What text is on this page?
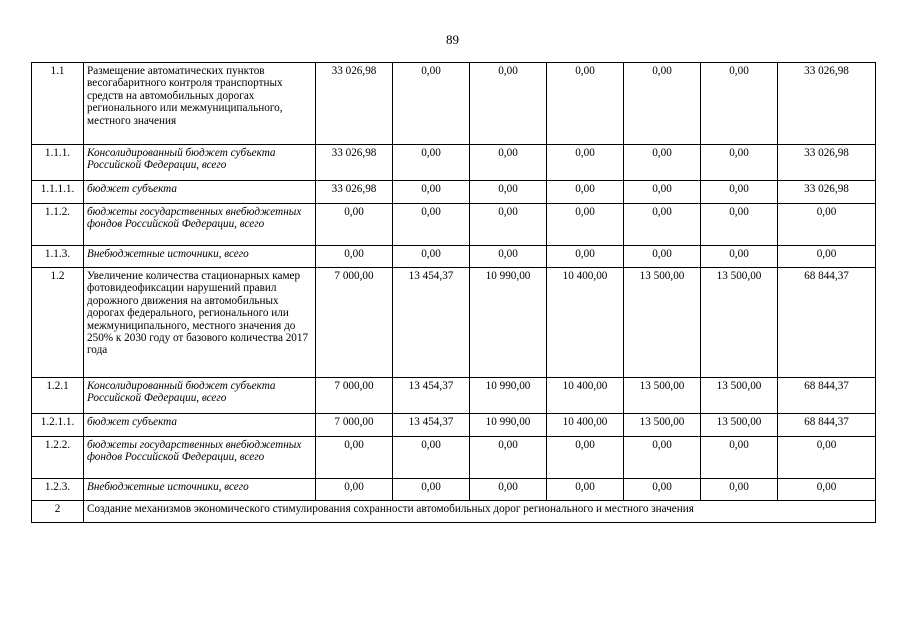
89
1.1	Размещение автоматических пунктов весогабаритного контроля транспортных средств на автомобильных дорогах регионального или межмуниципального, местного значения	33 026,98	0,00	0,00	0,00	0,00	0,00	33 026,98
1.1.1.	Консолидированный бюджет субъекта Российской Федерации, всего	33 026,98	0,00	0,00	0,00	0,00	0,00	33 026,98
1.1.1.1.	бюджет субъекта	33 026,98	0,00	0,00	0,00	0,00	0,00	33 026,98
1.1.2.	бюджеты государственных внебюджетных фондов Российской Федерации, всего	0,00	0,00	0,00	0,00	0,00	0,00	0,00
1.1.3.	Внебюджетные источники, всего	0,00	0,00	0,00	0,00	0,00	0,00	0,00
1.2	Увеличение количества стационарных камер фотовидеофиксации нарушений правил дорожного движения на автомобильных дорогах федерального, регионального или межмуниципального, местного значения до 250% к 2030 году от базового количества 2017 года	7 000,00	13 454,37	10 990,00	10 400,00	13 500,00	13 500,00	68 844,37
1.2.1	Консолидированный бюджет субъекта Российской Федерации, всего	7 000,00	13 454,37	10 990,00	10 400,00	13 500,00	13 500,00	68 844,37
1.2.1.1.	бюджет субъекта	7 000,00	13 454,37	10 990,00	10 400,00	13 500,00	13 500,00	68 844,37
1.2.2.	бюджеты государственных внебюджетных фондов Российской Федерации, всего	0,00	0,00	0,00	0,00	0,00	0,00	0,00
1.2.3.	Внебюджетные источники, всего	0,00	0,00	0,00	0,00	0,00	0,00	0,00
2	Создание механизмов экономического стимулирования сохранности автомобильных дорог регионального и местного значения							
